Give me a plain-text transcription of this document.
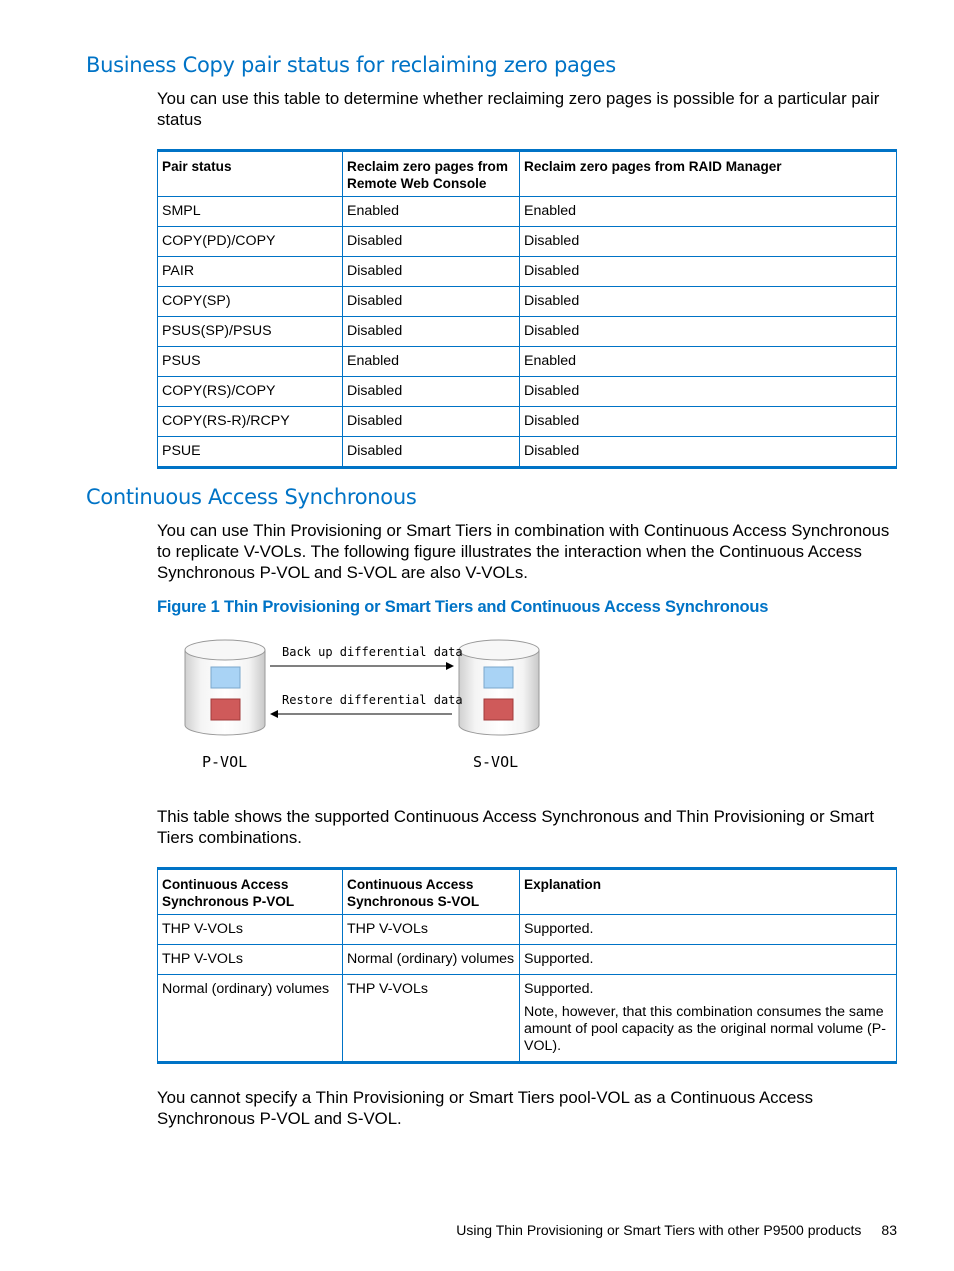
Business Copy pair status for reclaiming zero pages

You can use this table to determine whether reclaiming zero pages is possible for a particular pair status

Pair status	Reclaim zero pages from Remote Web Console	Reclaim zero pages from RAID Manager
SMPL	Enabled	Enabled
COPY(PD)/COPY	Disabled	Disabled
PAIR	Disabled	Disabled
COPY(SP)	Disabled	Disabled
PSUS(SP)/PSUS	Disabled	Disabled
PSUS	Enabled	Enabled
COPY(RS)/COPY	Disabled	Disabled
COPY(RS-R)/RCPY	Disabled	Disabled
PSUE	Disabled	Disabled
Continuous Access Synchronous

You can use Thin Provisioning or Smart Tiers in combination with Continuous Access Synchronous to replicate V-VOLs. The following figure illustrates the interaction when the Continuous Access Synchronous P-VOL and S-VOL are also V-VOLs.

Figure 1 Thin Provisioning or Smart Tiers and Continuous Access Synchronous

Back up differential data
Restore differential data
P-VOL	S-VOL

This table shows the supported Continuous Access Synchronous and Thin Provisioning or Smart Tiers combinations.

Continuous Access Synchronous P-VOL	Continuous Access Synchronous S-VOL	Explanation
THP V-VOLs	THP V-VOLs	Supported.
THP V-VOLs	Normal (ordinary) volumes	Supported.
Normal (ordinary) volumes	THP V-VOLs	Supported.
Note, however, that this combination consumes the same amount of pool capacity as the original normal volume (P-VOL).

You cannot specify a Thin Provisioning or Smart Tiers pool-VOL as a Continuous Access Synchronous P-VOL and S-VOL.

Using Thin Provisioning or Smart Tiers with other P9500 products 83
